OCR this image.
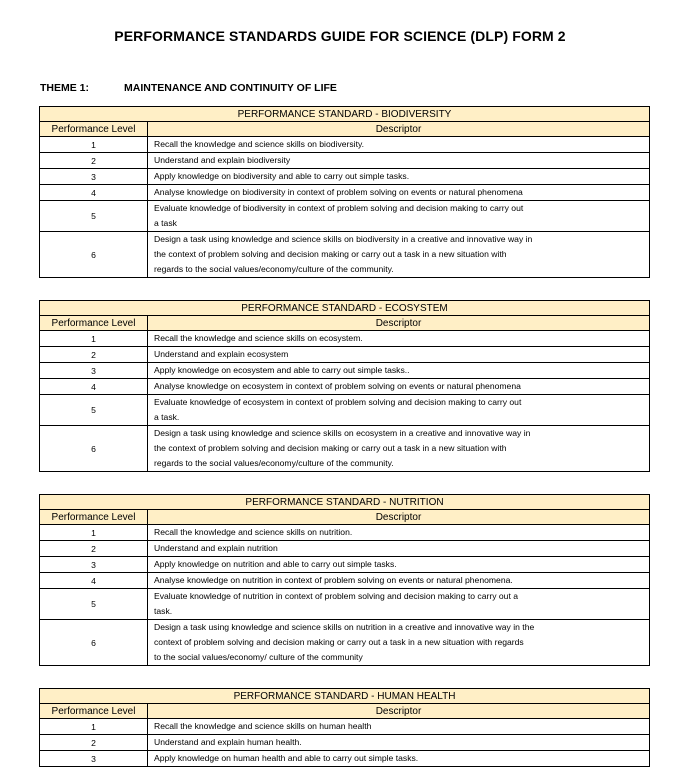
PERFORMANCE STANDARDS GUIDE FOR SCIENCE (DLP) FORM 2
THEME 1:	MAINTENANCE AND CONTINUITY OF LIFE
PERFORMANCE STANDARD - BIODIVERSITY	
Performance Level	Descriptor
1	Recall the knowledge and science skills on biodiversity.

2	Understand and explain biodiversity

3	Apply knowledge on biodiversity and able to carry out simple tasks.

4	Analyse knowledge on biodiversity in context of problem solving on events or natural phenomena

5	Evaluate knowledge of biodiversity in context of problem solving and decision making to carry out
a task

6	Design a task using knowledge and science skills on biodiversity in a creative and innovative way in
the context of problem solving and decision making or carry out a task in a new situation with
regards to the social values/economy/culture of the community.
PERFORMANCE STANDARD - ECOSYSTEM	
Performance Level	Descriptor
1	Recall the knowledge and science skills on ecosystem.

2	Understand and explain ecosystem

3	Apply knowledge on ecosystem and able to carry out simple tasks..

4	Analyse knowledge on ecosystem in context of problem solving on events or natural phenomena

5	Evaluate knowledge of ecosystem in context of problem solving and decision making to carry out
a task.

6	Design a task using knowledge and science skills on ecosystem in a creative and innovative way in
the context of problem solving and decision making or carry out a task in a new situation with
regards to the social values/economy/culture of the community.
PERFORMANCE STANDARD - NUTRITION	
Performance Level	Descriptor
1	Recall the knowledge and science skills on nutrition.

2	Understand and explain nutrition

3	Apply knowledge on nutrition and able to carry out simple tasks.

4	Analyse knowledge on nutrition in context of problem solving on events or natural phenomena.

5	Evaluate knowledge of nutrition in context of problem solving and decision making to carry out a
task.

6	Design a task using knowledge and science skills on nutrition in a creative and innovative way in the
context of problem solving and decision making or carry out a task in a new situation with regards
to the social values/economy/ culture of the community
PERFORMANCE STANDARD - HUMAN HEALTH	
Performance Level	Descriptor
1	Recall the knowledge and science skills on human health

2	Understand and explain human health.

3	Apply knowledge on human health and able to carry out simple tasks.
